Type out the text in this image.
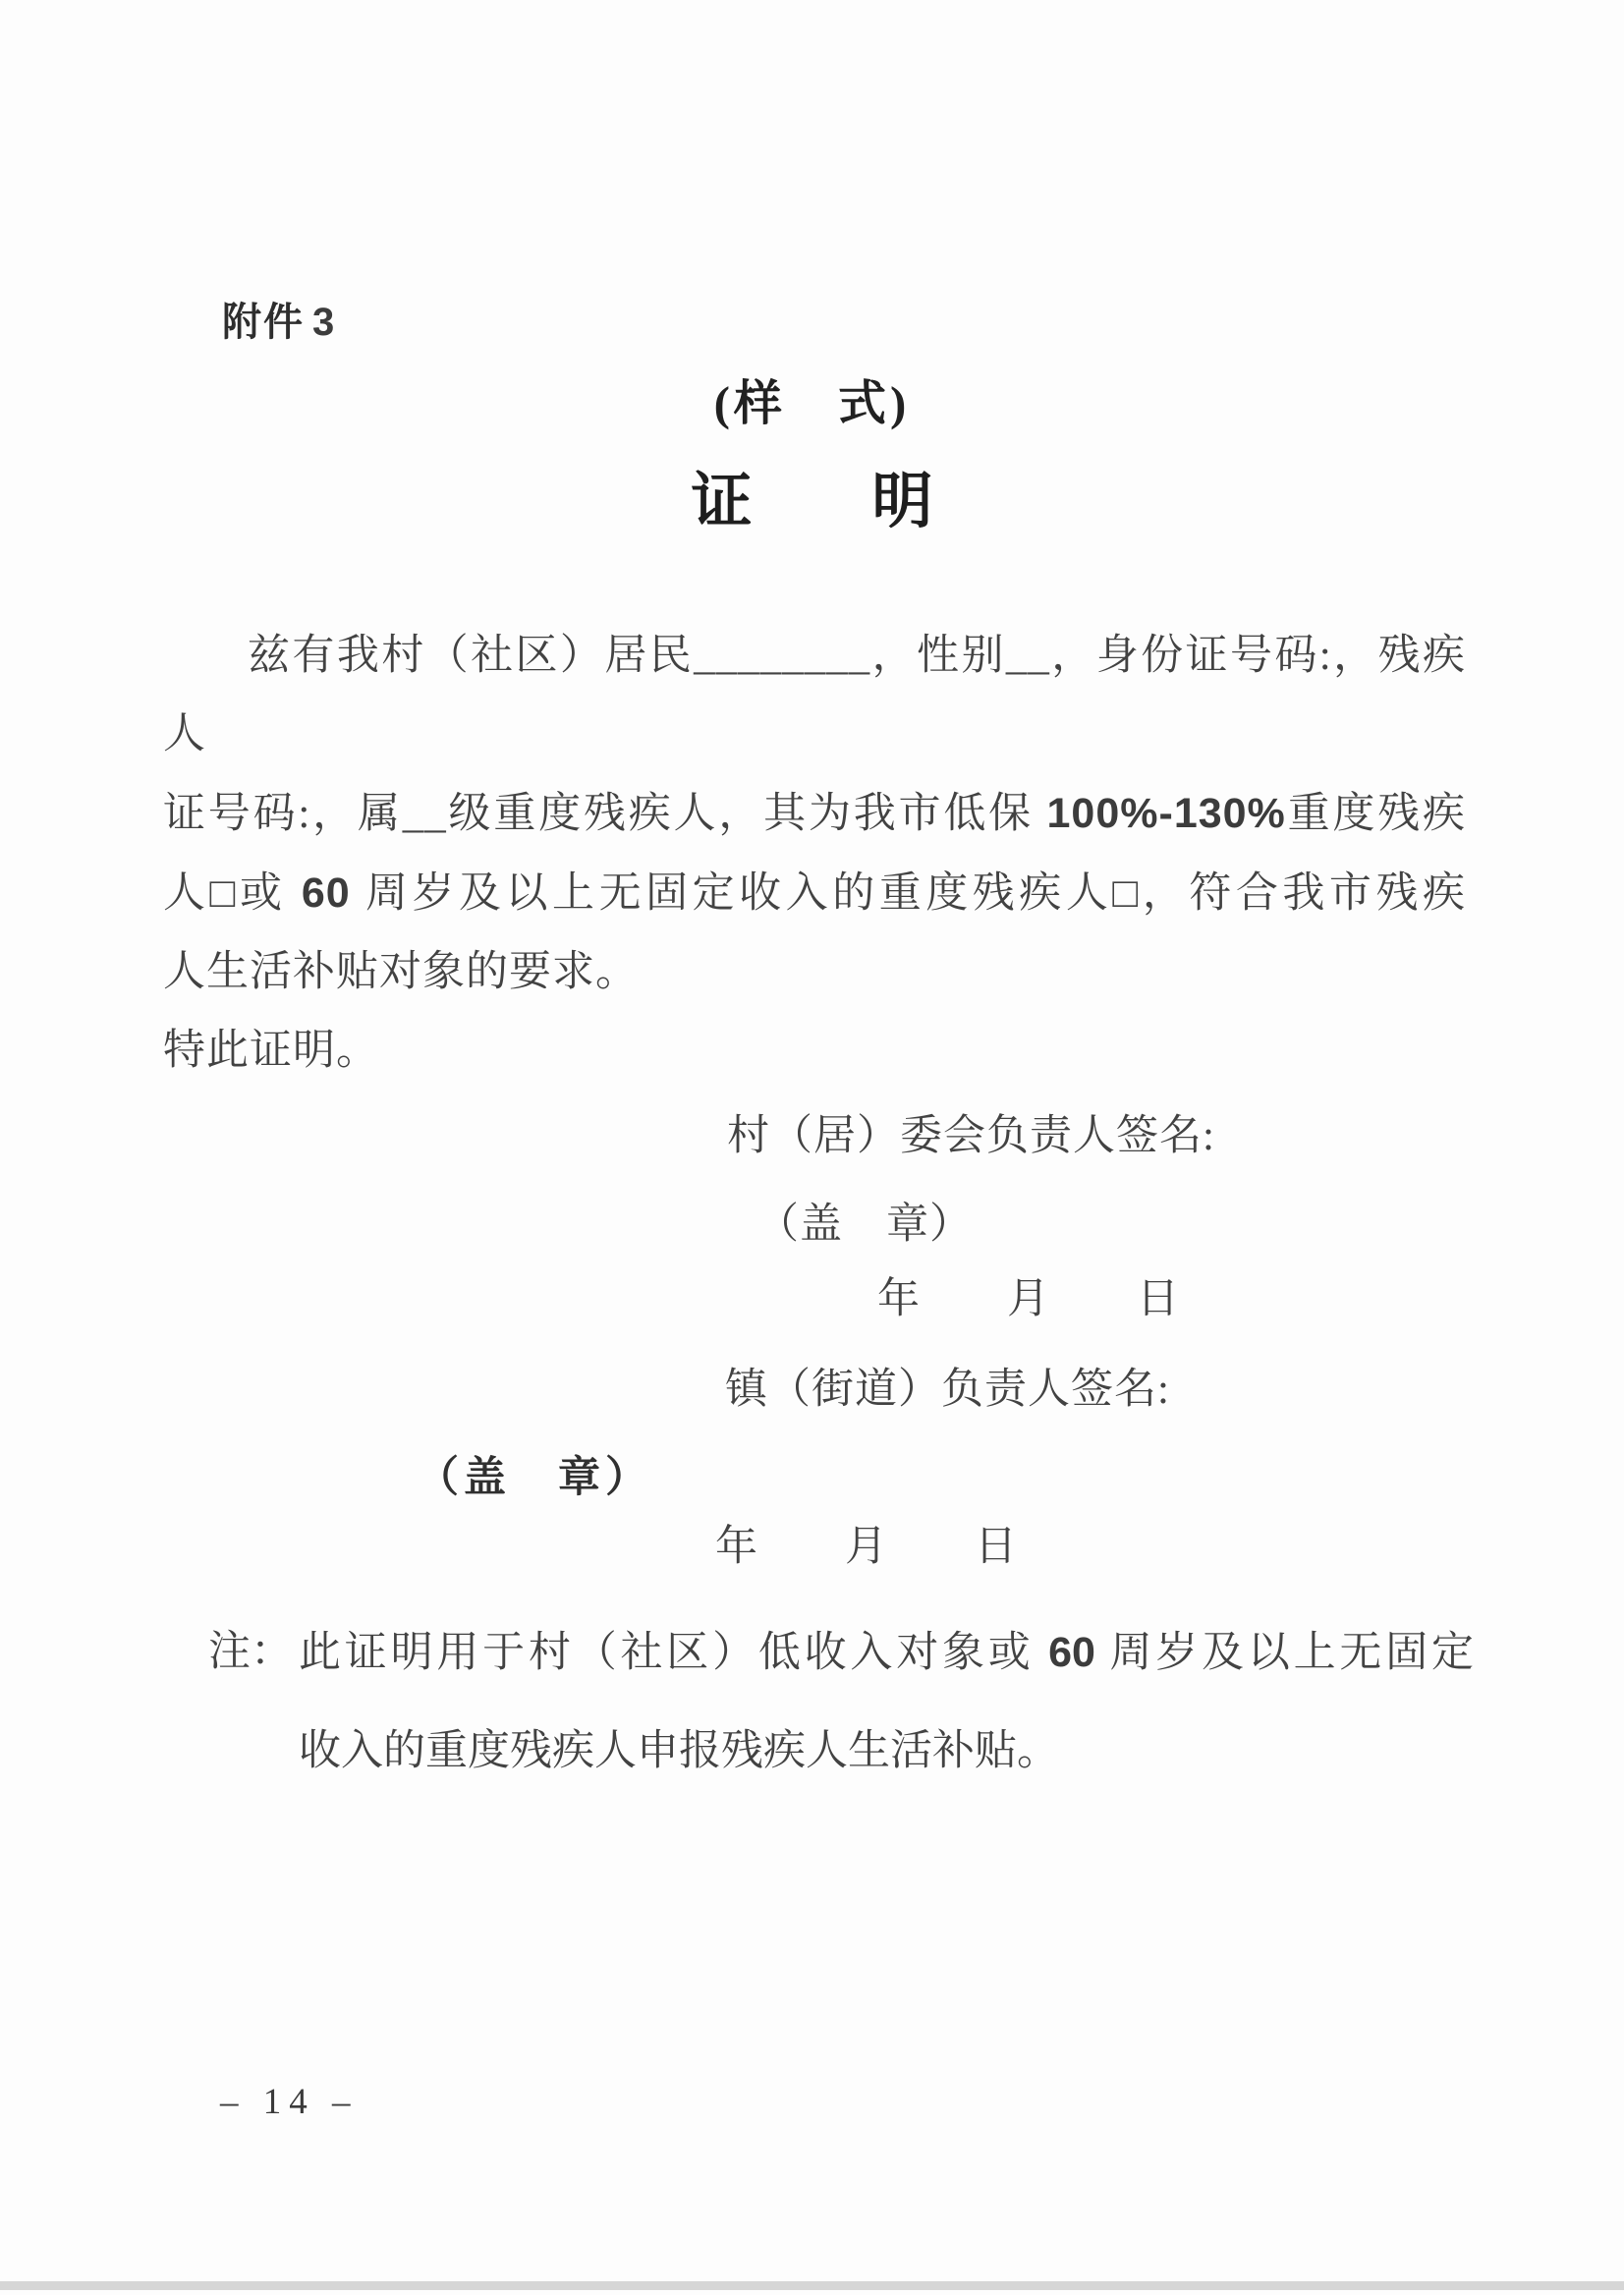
附件 3
(样　式)
证　明
兹有我村（社区）居民________，性别__，身份证号码:，残疾人
证号码:，属__级重度残疾人，其为我市低保 100%-130%重度残疾
人□或 60 周岁及以上无固定收入的重度残疾人□，符合我市残疾
人生活补贴对象的要求。
特此证明。
村（居）委会负责人签名:
（盖　章）
年　　月　　日
镇（街道）负责人签名:
（盖　章）
年　　月　　日
注： 此证明用于村（社区）低收入对象或 60 周岁及以上无固定
收入的重度残疾人申报残疾人生活补贴。
– 14 –
